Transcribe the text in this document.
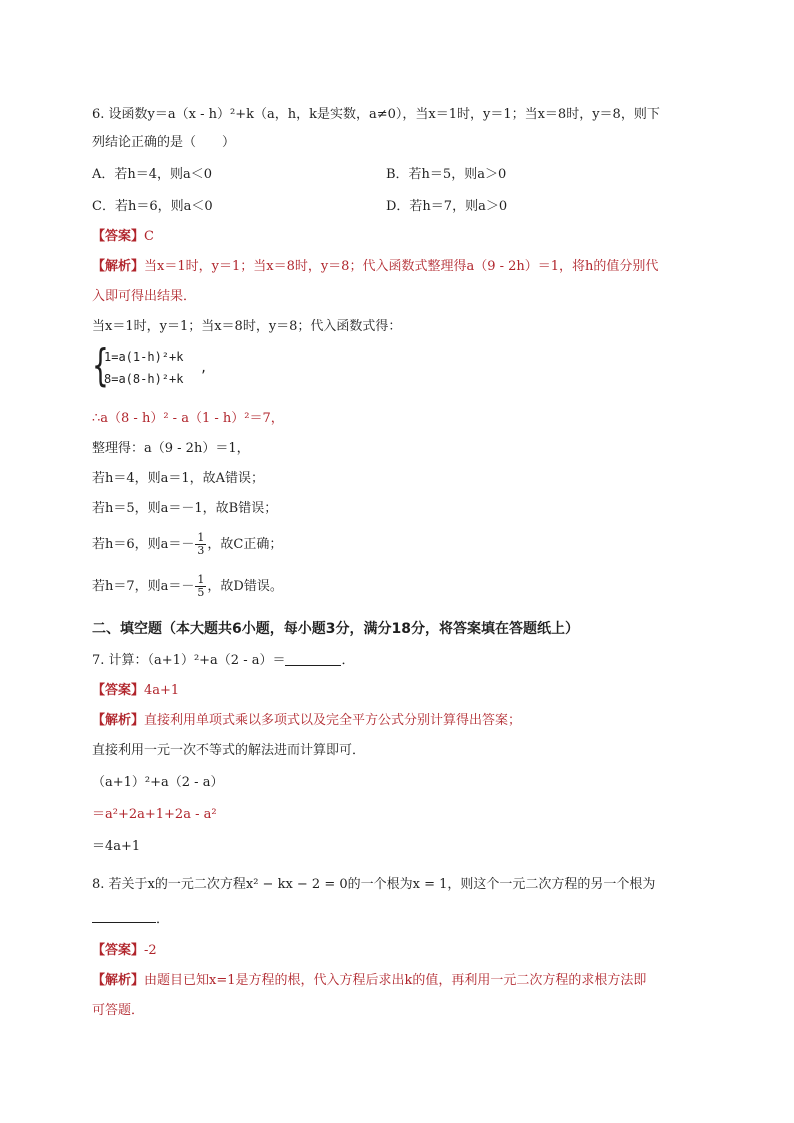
6. 设函数y＝a（x - h）²+k（a，h，k是实数，a≠0），当x＝1时，y＝1；当x＝8时，y＝8，则下
列结论正确的是（　　）
A．若h＝4，则a＜0	B．若h＝5，则a＞0
C．若h＝6，则a＜0	D．若h＝7，则a＞0
【答案】C
【解析】当x＝1时，y＝1；当x＝8时，y＝8；代入函数式整理得a（9 - 2h）＝1，将h的值分别代
入即可得出结果．
当x＝1时，y＝1；当x＝8时，y＝8；代入函数式得：
{
1=a(1-h)²+k
8=a(8-h)²+k
,
∴a（8 - h）² - a（1 - h）²＝7，
整理得：a（9 - 2h）＝1，
若h＝4，则a＝1，故A错误；
若h＝5，则a＝－1，故B错误；
若h＝6，则$a=- \frac{1}{3}$ ，故C正确；
若h＝7，则$a=- \frac{1}{5}$ ，故D错误。
二、填空题（本大题共6小题，每小题3分，满分18分，将答案填在答题纸上）
7. 计算：（a+1）²+a（2 - a）＝	．
【答案】4a+1
【解析】直接利用单项式乘以多项式以及完全平方公式分别计算得出答案；
直接利用一元一次不等式的解法进而计算即可．
（a+1）²+a（2 - a）
＝a²+2a+1+2a - a²
＝4a+1
8. 若关于x的一元二次方程x² − kx − 2 = 0的一个根为x = 1，则这个一元二次方程的另一个根为
．
【答案】-2
【解析】由题目已知x=1是方程的根，代入方程后求出k的值，再利用一元二次方程的求根方法即
可答题．
